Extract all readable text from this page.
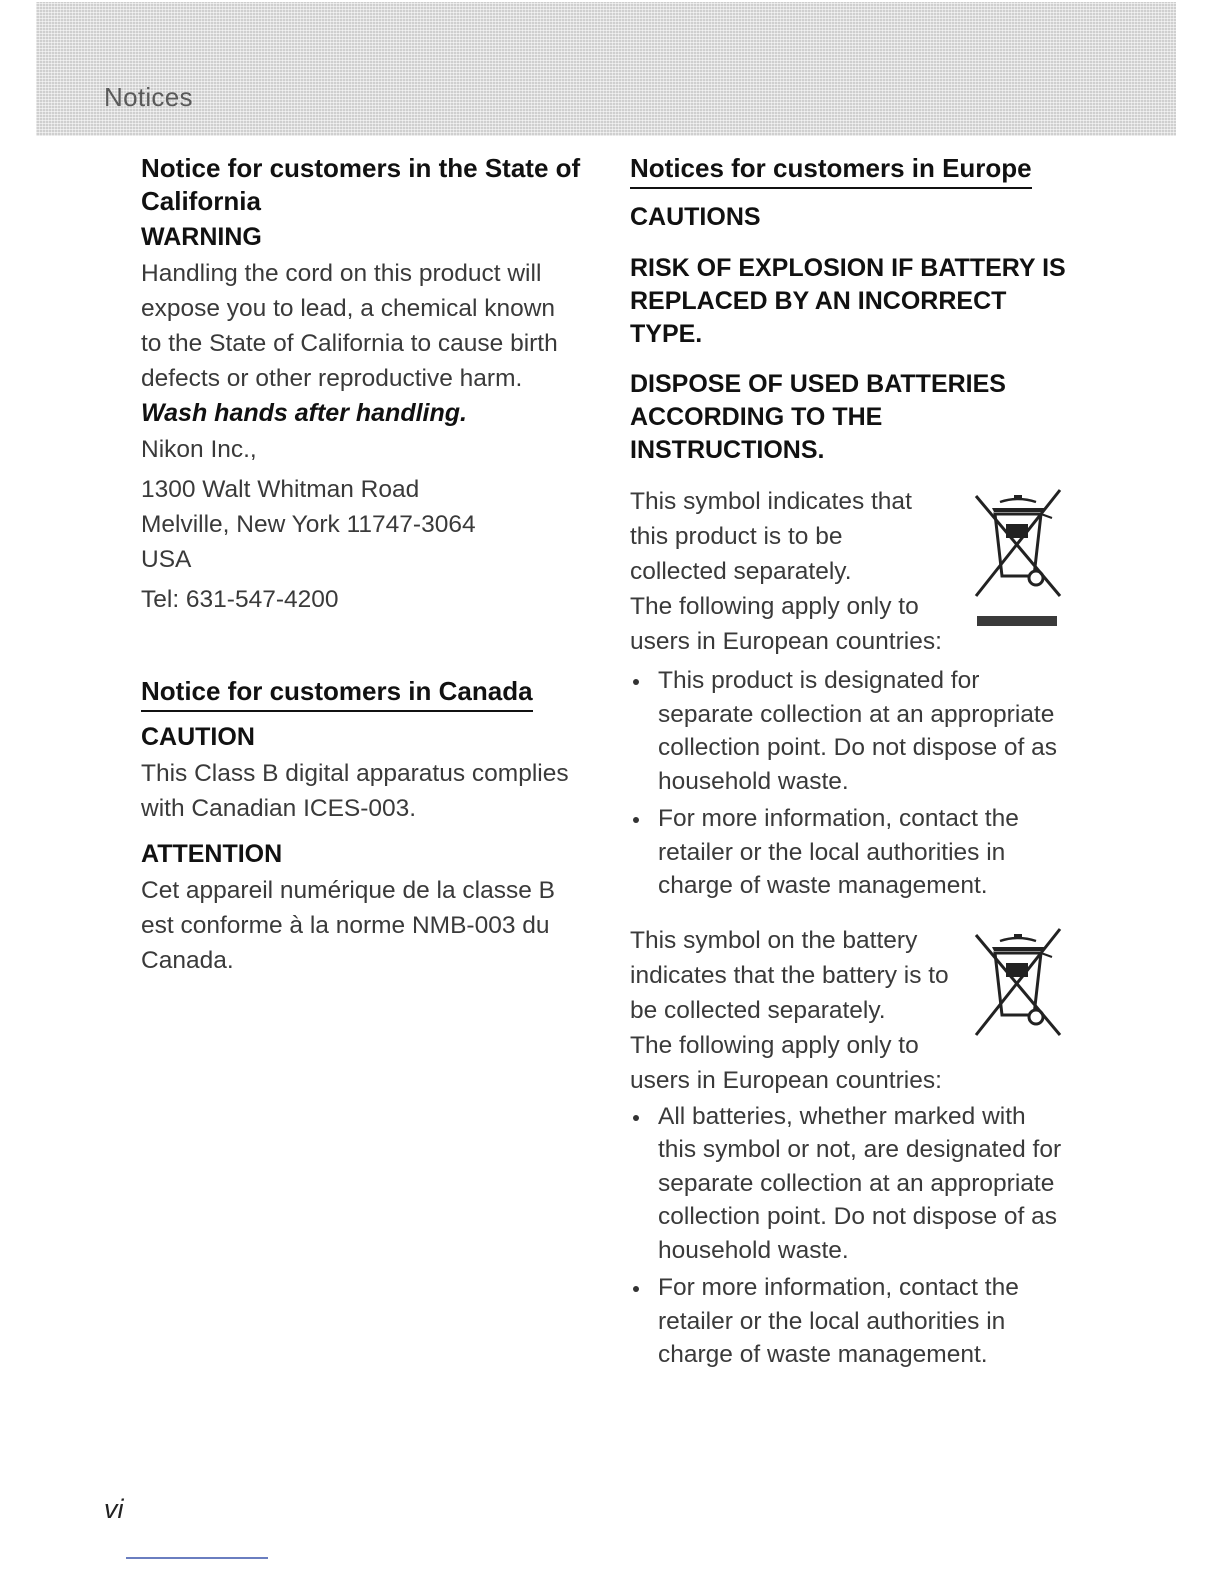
Notices
Notice for customers in the State of California
WARNING
Handling the cord on this product will expose you to lead, a chemical known to the State of California to cause birth defects or other reproductive harm.
Wash hands after handling.
Nikon Inc.,
1300 Walt Whitman Road
Melville, New York 11747-3064
USA
Tel: 631-547-4200
Notice for customers in Canada
CAUTION
This Class B digital apparatus complies with Canadian ICES-003.
ATTENTION
Cet appareil numérique de la classe B est conforme à la norme NMB-003 du Canada.
Notices for customers in Europe
CAUTIONS
RISK OF EXPLOSION IF BATTERY IS REPLACED BY AN INCORRECT TYPE.
DISPOSE OF USED BATTERIES ACCORDING TO THE INSTRUCTIONS.
This symbol indicates that this product is to be collected separately.
The following apply only to users in European countries:
This product is designated for separate collection at an appropriate collection point. Do not dispose of as household waste.
For more information, contact the retailer or the local authorities in charge of waste management.
This symbol on the battery indicates that the battery is to be collected separately.
The following apply only to users in European countries:
All batteries, whether marked with this symbol or not, are designated for separate collection at an appropriate collection point. Do not dispose of as household waste.
For more information, contact the retailer or the local authorities in charge of waste management.
vi
